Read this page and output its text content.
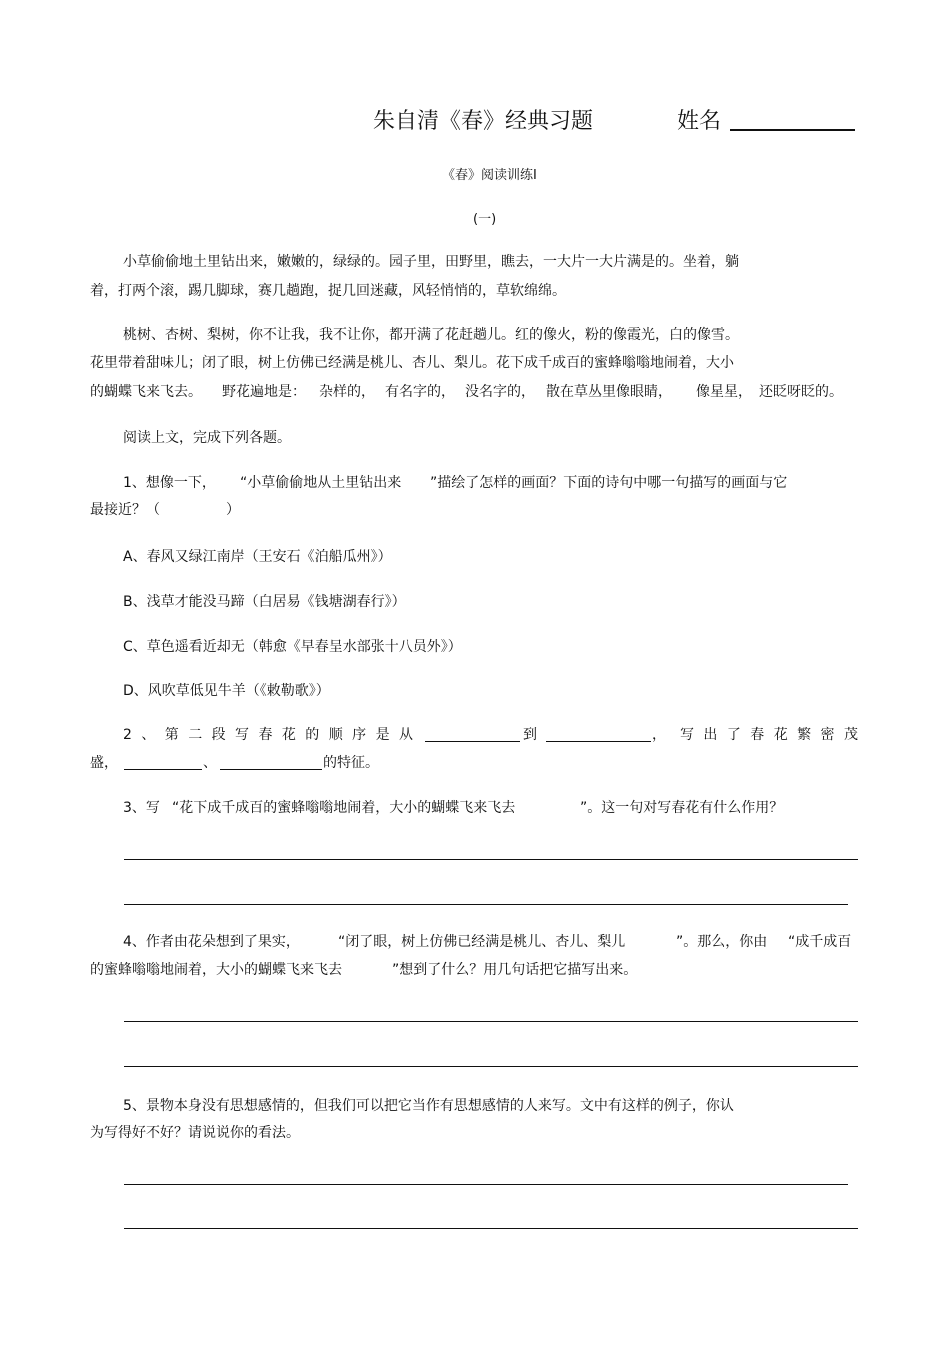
朱自清《春》经典习题	姓名
《春》阅读训练Ⅰ
(一)
小草偷偷地土里钻出来，嫩嫩的，绿绿的。园子里，田野里，瞧去，一大片一大片满是的。坐着，躺
着，打两个滚，踢几脚球，赛几趟跑，捉几回迷藏，风轻悄悄的，草软绵绵。
桃树、杏树、梨树，你不让我，我不让你，都开满了花赶趟儿。红的像火，粉的像霞光，白的像雪。
花里带着甜味儿；闭了眼，树上仿佛已经满是桃儿、杏儿、梨儿。花下成千成百的蜜蜂嗡嗡地闹着，大小
的蝴蝶飞来飞去。 野花遍地是： 杂样的， 有名字的， 没名字的， 散在草丛里像眼睛， 像星星， 还眨呀眨的。
阅读上文，完成下列各题。
1、想像一下， “小草偷偷地从土里钻出来 ”描绘了怎样的画面？下面的诗句中哪一句描写的画面与它
最接近？（	）
A、春风又绿江南岸（王安石《泊船瓜州》）
B、浅草才能没马蹄（白居易《钱塘湖春行》）
C、草色遥看近却无（韩愈《早春呈水部张十八员外》）
D、风吹草低见牛羊（《敕勒歌》）
2 、 第 二 段 写 春 花 的 顺 序 是 从	到	， 写 出 了 春 花 繁 密 茂
盛，	、	的特征。
3、写 “花下成千成百的蜜蜂嗡嗡地闹着，大小的蝴蝶飞来飞去	”。这一句对写春花有什么作用？
4、作者由花朵想到了果实，	“闭了眼，树上仿佛已经满是桃儿、杏儿、梨儿	”。那么，你由 “成千成百
的蜜蜂嗡嗡地闹着，大小的蝴蝶飞来飞去	”想到了什么？用几句话把它描写出来。
5、景物本身没有思想感情的，但我们可以把它当作有思想感情的人来写。文中有这样的例子，你认
为写得好不好？请说说你的看法。
